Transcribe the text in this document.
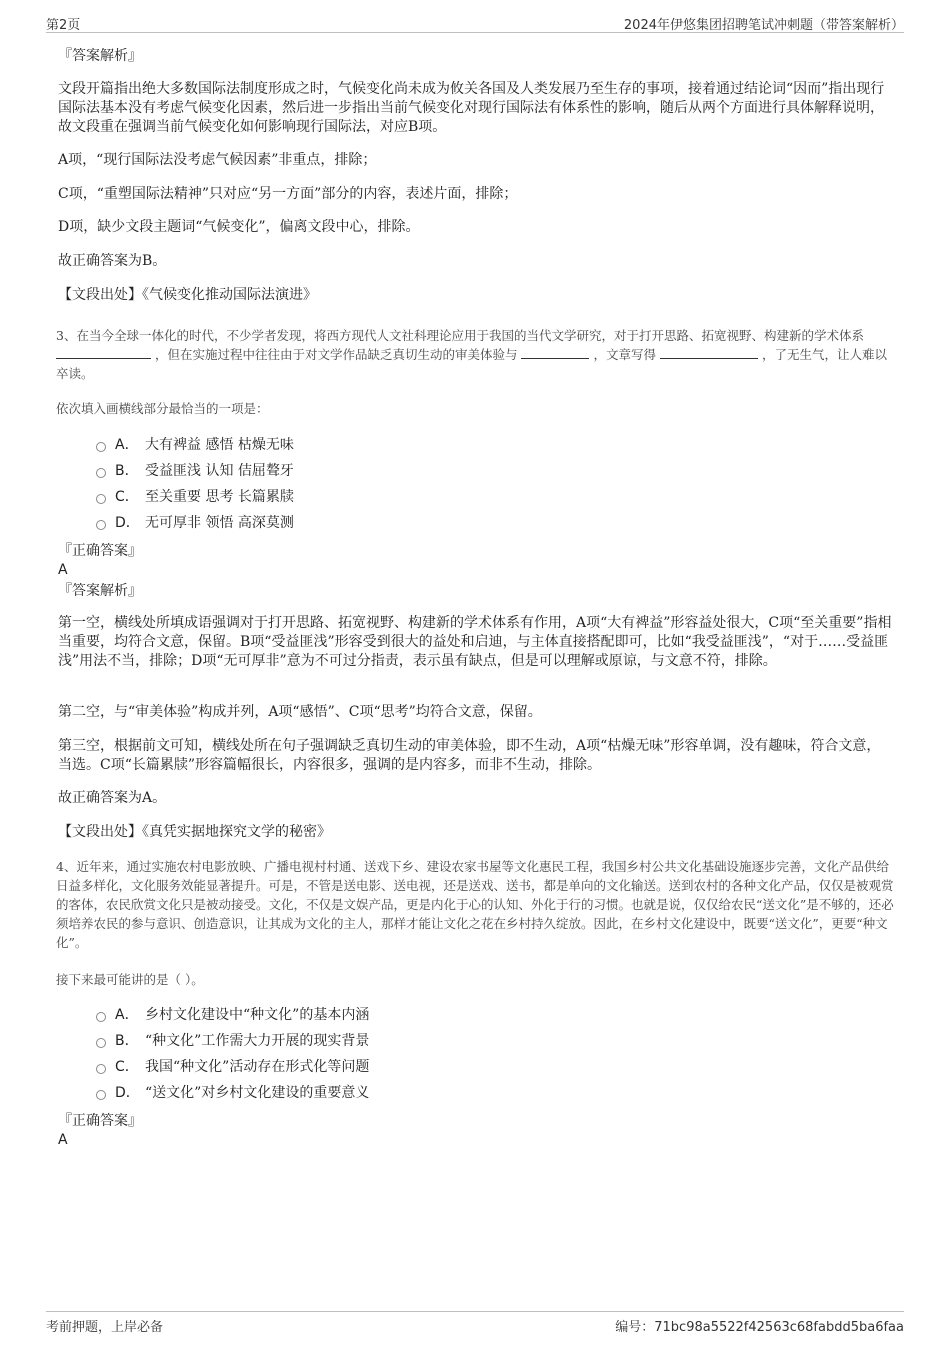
第2页	2024年伊悠集团招聘笔试冲刺题（带答案解析）
『答案解析』
文段开篇指出绝大多数国际法制度形成之时，气候变化尚未成为攸关各国及人类发展乃至生存的事项，接着通过结论词“因而”指出现行国际法基本没有考虑气候变化因素，然后进一步指出当前气候变化对现行国际法有体系性的影响，随后从两个方面进行具体解释说明，故文段重在强调当前气候变化如何影响现行国际法，对应B项。
A项，“现行国际法没考虑气候因素”非重点，排除；
C项，“重塑国际法精神”只对应“另一方面”部分的内容，表述片面，排除；
D项，缺少文段主题词“气候变化”，偏离文段中心，排除。
故正确答案为B。
【文段出处】《气候变化推动国际法演进》
3、在当今全球一体化的时代，不少学者发现，将西方现代人文社科理论应用于我国的当代文学研究，对于打开思路、拓宽视野、构建新的学术体系  ，但在实施过程中往往由于对文学作品缺乏真切生动的审美体验与	，文章写得	，了无生气，让人难以卒读。
依次填入画横线部分最恰当的一项是：
A． 大有裨益 感悟 枯燥无味
B． 受益匪浅 认知 佶屈聱牙
C． 至关重要 思考 长篇累牍
D． 无可厚非 领悟 高深莫测
『正确答案』
A
『答案解析』
第一空，横线处所填成语强调对于打开思路、拓宽视野、构建新的学术体系有作用，A项“大有裨益”形容益处很大，C项“至关重要”指相当重要，均符合文意，保留。B项“受益匪浅”形容受到很大的益处和启迪，与主体直接搭配即可，比如“我受益匪浅”，“对于……受益匪浅”用法不当，排除；D项“无可厚非”意为不可过分指责，表示虽有缺点，但是可以理解或原谅，与文意不符，排除。
第二空，与“审美体验”构成并列，A项“感悟”、C项“思考”均符合文意，保留。
第三空，根据前文可知，横线处所在句子强调缺乏真切生动的审美体验，即不生动，A项“枯燥无味”形容单调，没有趣味，符合文意，当选。C项“长篇累牍”形容篇幅很长，内容很多，强调的是内容多，而非不生动，排除。
故正确答案为A。
【文段出处】《真凭实据地探究文学的秘密》
4、近年来，通过实施农村电影放映、广播电视村村通、送戏下乡、建设农家书屋等文化惠民工程，我国乡村公共文化基础设施逐步完善，文化产品供给日益多样化，文化服务效能显著提升。可是，不管是送电影、送电视，还是送戏、送书，都是单向的文化输送。送到农村的各种文化产品，仅仅是被观赏的客体，农民欣赏文化只是被动接受。文化，不仅是文娱产品，更是内化于心的认知、外化于行的习惯。也就是说，仅仅给农民“送文化”是不够的，还必须培养农民的参与意识、创造意识，让其成为文化的主人，那样才能让文化之花在乡村持久绽放。因此，在乡村文化建设中，既要“送文化”，更要“种文化”。
接下来最可能讲的是（ ）。
A． 乡村文化建设中“种文化”的基本内涵
B． “种文化”工作需大力开展的现实背景
C． 我国“种文化”活动存在形式化等问题
D． “送文化”对乡村文化建设的重要意义
『正确答案』
A
考前押题，上岸必备	编号：71bc98a5522f42563c68fabdd5ba6faa
